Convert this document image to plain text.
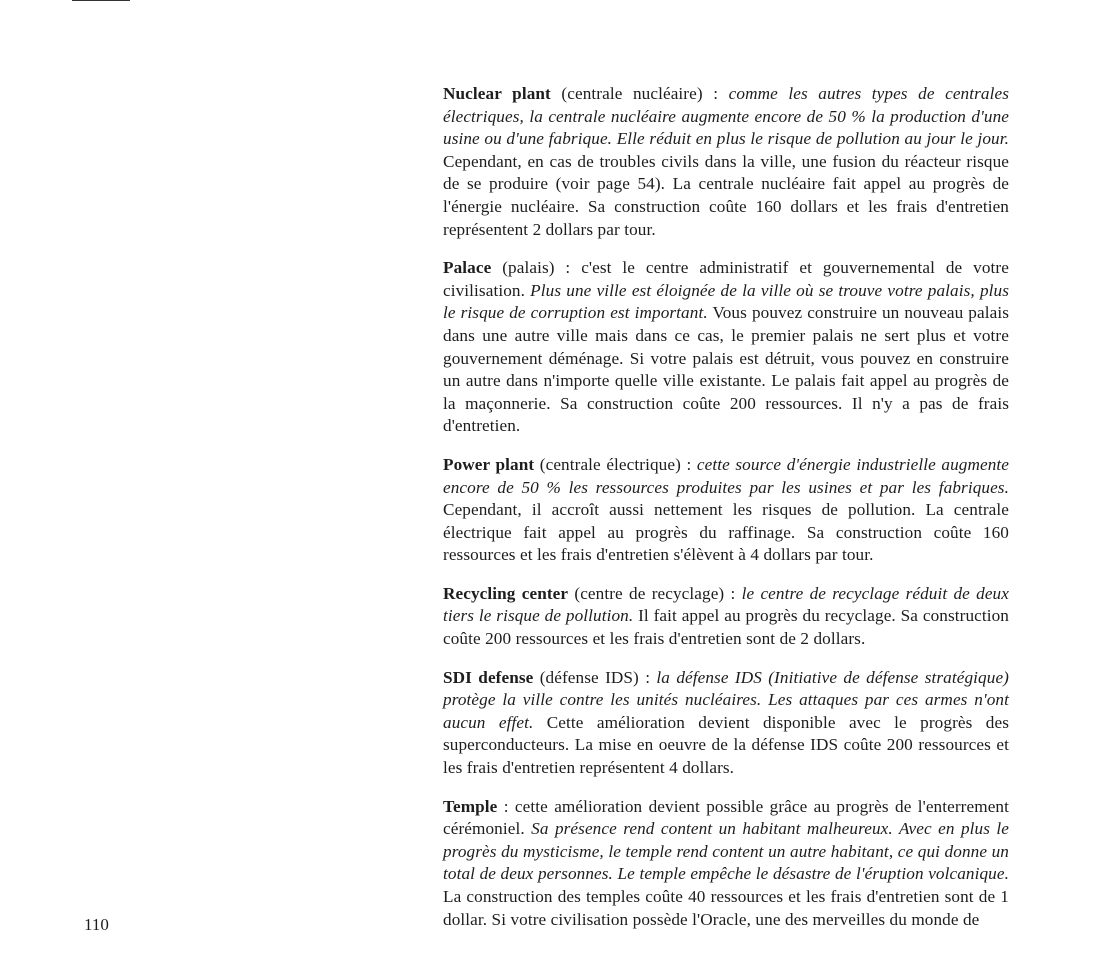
Nuclear plant (centrale nucléaire) : comme les autres types de centrales électriques, la centrale nucléaire augmente encore de 50 % la production d'une usine ou d'une fabrique. Elle réduit en plus le risque de pollution au jour le jour. Cependant, en cas de troubles civils dans la ville, une fusion du réacteur risque de se produire (voir page 54). La centrale nucléaire fait appel au progrès de l'énergie nucléaire. Sa construction coûte 160 dollars et les frais d'entretien représentent 2 dollars par tour.

Palace (palais) : c'est le centre administratif et gouvernemental de votre civilisation. Plus une ville est éloignée de la ville où se trouve votre palais, plus le risque de corruption est important. Vous pouvez construire un nouveau palais dans une autre ville mais dans ce cas, le premier palais ne sert plus et votre gouvernement déménage. Si votre palais est détruit, vous pouvez en construire un autre dans n'importe quelle ville existante. Le palais fait appel au progrès de la maçonnerie. Sa construction coûte 200 ressources. Il n'y a pas de frais d'entretien.

Power plant (centrale électrique) : cette source d'énergie industrielle augmente encore de 50 % les ressources produites par les usines et par les fabriques. Cependant, il accroît aussi nettement les risques de pollution. La centrale électrique fait appel au progrès du raffinage. Sa construction coûte 160 ressources et les frais d'entretien s'élèvent à 4 dollars par tour.

Recycling center (centre de recyclage) : le centre de recyclage réduit de deux tiers le risque de pollution. Il fait appel au progrès du recyclage. Sa construction coûte 200 ressources et les frais d'entretien sont de 2 dollars.

SDI defense (défense IDS) : la défense IDS (Initiative de défense stratégique) protège la ville contre les unités nucléaires. Les attaques par ces armes n'ont aucun effet. Cette amélioration devient disponible avec le progrès des superconducteurs. La mise en oeuvre de la défense IDS coûte 200 ressources et les frais d'entretien représentent 4 dollars.

Temple : cette amélioration devient possible grâce au progrès de l'enterrement cérémoniel. Sa présence rend content un habitant malheureux. Avec en plus le progrès du mysticisme, le temple rend content un autre habitant, ce qui donne un total de deux personnes. Le temple empêche le désastre de l'éruption volcanique. La construction des temples coûte 40 ressources et les frais d'entretien sont de 1 dollar. Si votre civilisation possède l'Oracle, une des merveilles du monde de

110
